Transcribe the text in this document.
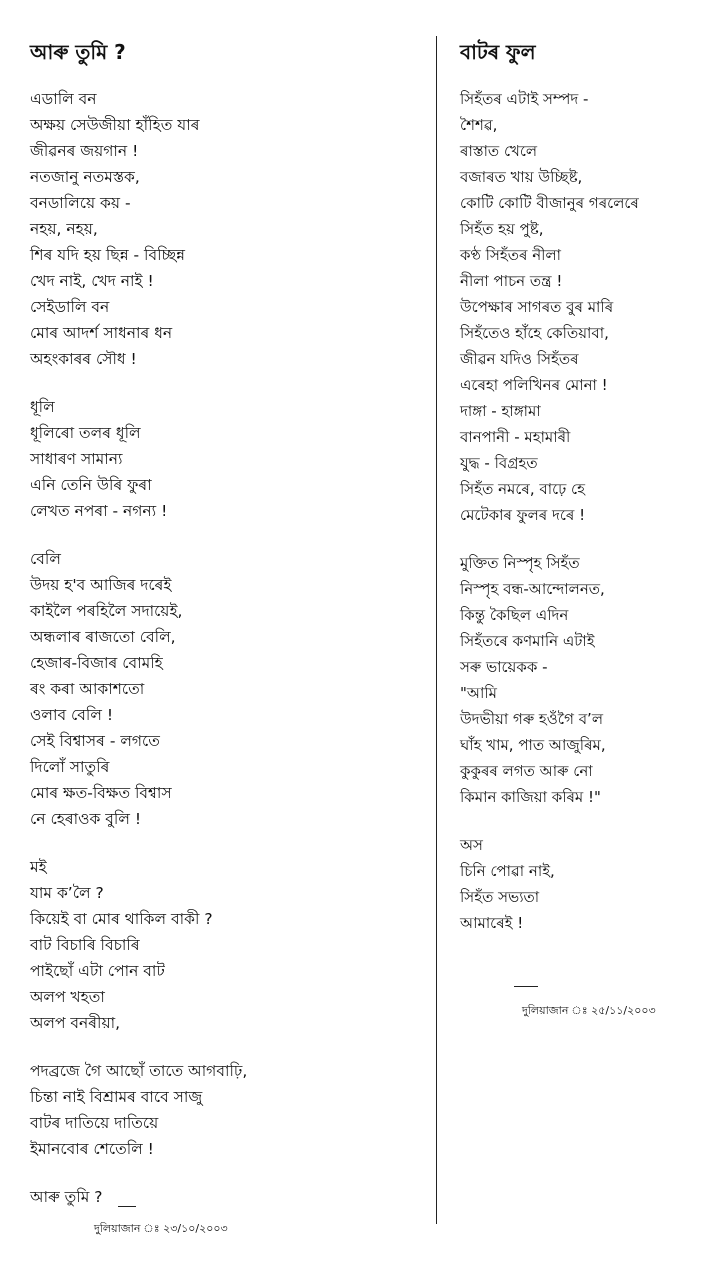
আৰু তুমি ?
এডালি বন
অক্ষয় সেউজীয়া হাঁহিত যাৰ
জীৱনৰ জয়গান !
নতজানু নতমস্তক,
বনডালিয়ে কয় -
নহয়, নহয়,
শিৰ যদি হয় ছিন্ন - বিচ্ছিন্ন
খেদ নাই, খেদ নাই !
সেইডালি বন
মোৰ আদৰ্শ সাধনাৰ ধন
অহংকাৰৰ সৌধ !
ধূলি
ধূলিৰো তলৰ ধূলি
সাধাৰণ সামান্য
এনি তেনি উৰি ফুৰা
লেখত নপৰা - নগন্য !
বেলি
উদয় হ'ব আজিৰ দৰেই
কাইলৈ পৰহিলৈ সদায়েই,
অন্ধলাৰ ৰাজতো বেলি,
হেজাৰ-বিজাৰ বোমহি
ৰং কৰা আকাশতো
ওলাব বেলি !
সেই বিশ্বাসৰ - লগতে
দিলোঁ সাতুৰি
মোৰ ক্ষত-বিক্ষত বিশ্বাস
নে হেৰাওক বুলি !
মই
যাম কʼলৈ ?
কিয়েই বা মোৰ থাকিল বাকী ?
বাট বিচাৰি বিচাৰি
পাইছোঁ এটা পোন বাট
অলপ খহতা
অলপ বনৰীয়া,
পদব্ৰজে গৈ আছোঁ তাতে আগবাঢ়ি,
চিন্তা নাই বিশ্ৰামৰ বাবে সাজু
বাটৰ দাতিয়ে দাতিয়ে
ইমানবোৰ শেতেলি !
আৰু তুমি ?
বাটৰ ফুল
সিহঁতৰ এটাই সম্পদ -
শৈশৱ,
ৰাস্তাত খেলে
বজাৰত খায় উচ্ছিষ্ট,
কোটি কোটি বীজানুৰ গৰলেৰে
সিহঁত হয় পুষ্ট,
কণ্ঠ সিহঁতৰ নীলা
নীলা পাচন তন্ত্ৰ !
উপেক্ষাৰ সাগৰত বুৰ মাৰি
সিহঁতেও হাঁহে কেতিয়াবা,
জীৱন যদিও সিহঁতৰ
এৰেহা পলিখিনৰ মোনা !
দাঙ্গা - হাঙ্গামা
বানপানী - মহামাৰী
যুদ্ধ - বিগ্ৰহত
সিহঁত নমৰে, বাঢ়ে হে
মেটেকাৰ ফুলৰ দৰে !
মুক্তিত নিস্পৃহ সিহঁত
নিস্পৃহ বন্ধ-আন্দোলনত,
কিন্তু কৈছিল এদিন
সিহঁতৰে কণমানি এটাই
সৰু ভায়েকক -
"আমি
উদভীয়া গৰু হওঁগৈ বʼল
ঘাঁহ খাম, পাত আজুৰিম,
কুকুৰৰ লগত আৰু নো
কিমান কাজিয়া কৰিম !"
অস
চিনি পোৱা নাই,
সিহঁত সভ্যতা
আমাৰেই !
দুলিয়াজান ঃ ২৩/১০/২০০৩
দুলিয়াজান ঃ ২৫/১১/২০০৩
